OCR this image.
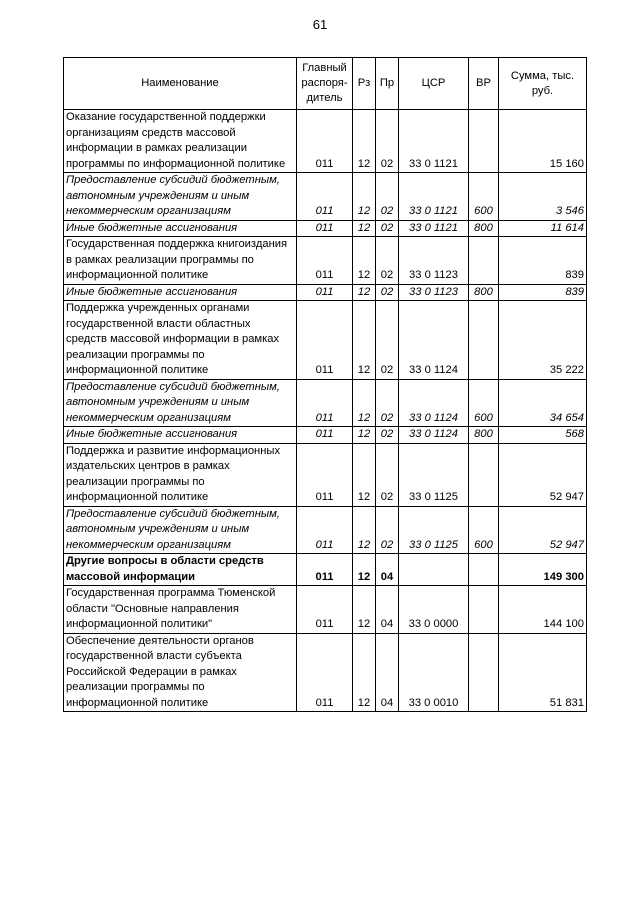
61
Наименование	Главный распоря-дитель	Рз	Пр	ЦСР	ВР	Сумма, тыс. руб.
Оказание государственной поддержки организациям средств массовой информации в рамках реализации программы по информационной политике	011	12	02	33 0 1121		15 160
Предоставление субсидий бюджетным, автономным учреждениям и иным некоммерческим организациям	011	12	02	33 0 1121	600	3 546
Иные бюджетные ассигнования	011	12	02	33 0 1121	800	11 614
Государственная поддержка книгоиздания в рамках реализации программы по информационной политике	011	12	02	33 0 1123		839
Иные бюджетные ассигнования	011	12	02	33 0 1123	800	839
Поддержка учрежденных органами государственной власти областных средств массовой информации в рамках реализации программы по информационной политике	011	12	02	33 0 1124		35 222
Предоставление субсидий бюджетным, автономным учреждениям и иным некоммерческим организациям	011	12	02	33 0 1124	600	34 654
Иные бюджетные ассигнования	011	12	02	33 0 1124	800	568
Поддержка и развитие информационных издательских центров в рамках реализации программы по информационной политике	011	12	02	33 0 1125		52 947
Предоставление субсидий бюджетным, автономным учреждениям и иным некоммерческим организациям	011	12	02	33 0 1125	600	52 947
Другие вопросы в области средств массовой информации	011	12	04			149 300
Государственная программа Тюменской области "Основные направления информационной политики"	011	12	04	33 0 0000		144 100
Обеспечение деятельности органов государственной власти субъекта Российской Федерации в рамках реализации программы по информационной политике	011	12	04	33 0 0010		51 831
